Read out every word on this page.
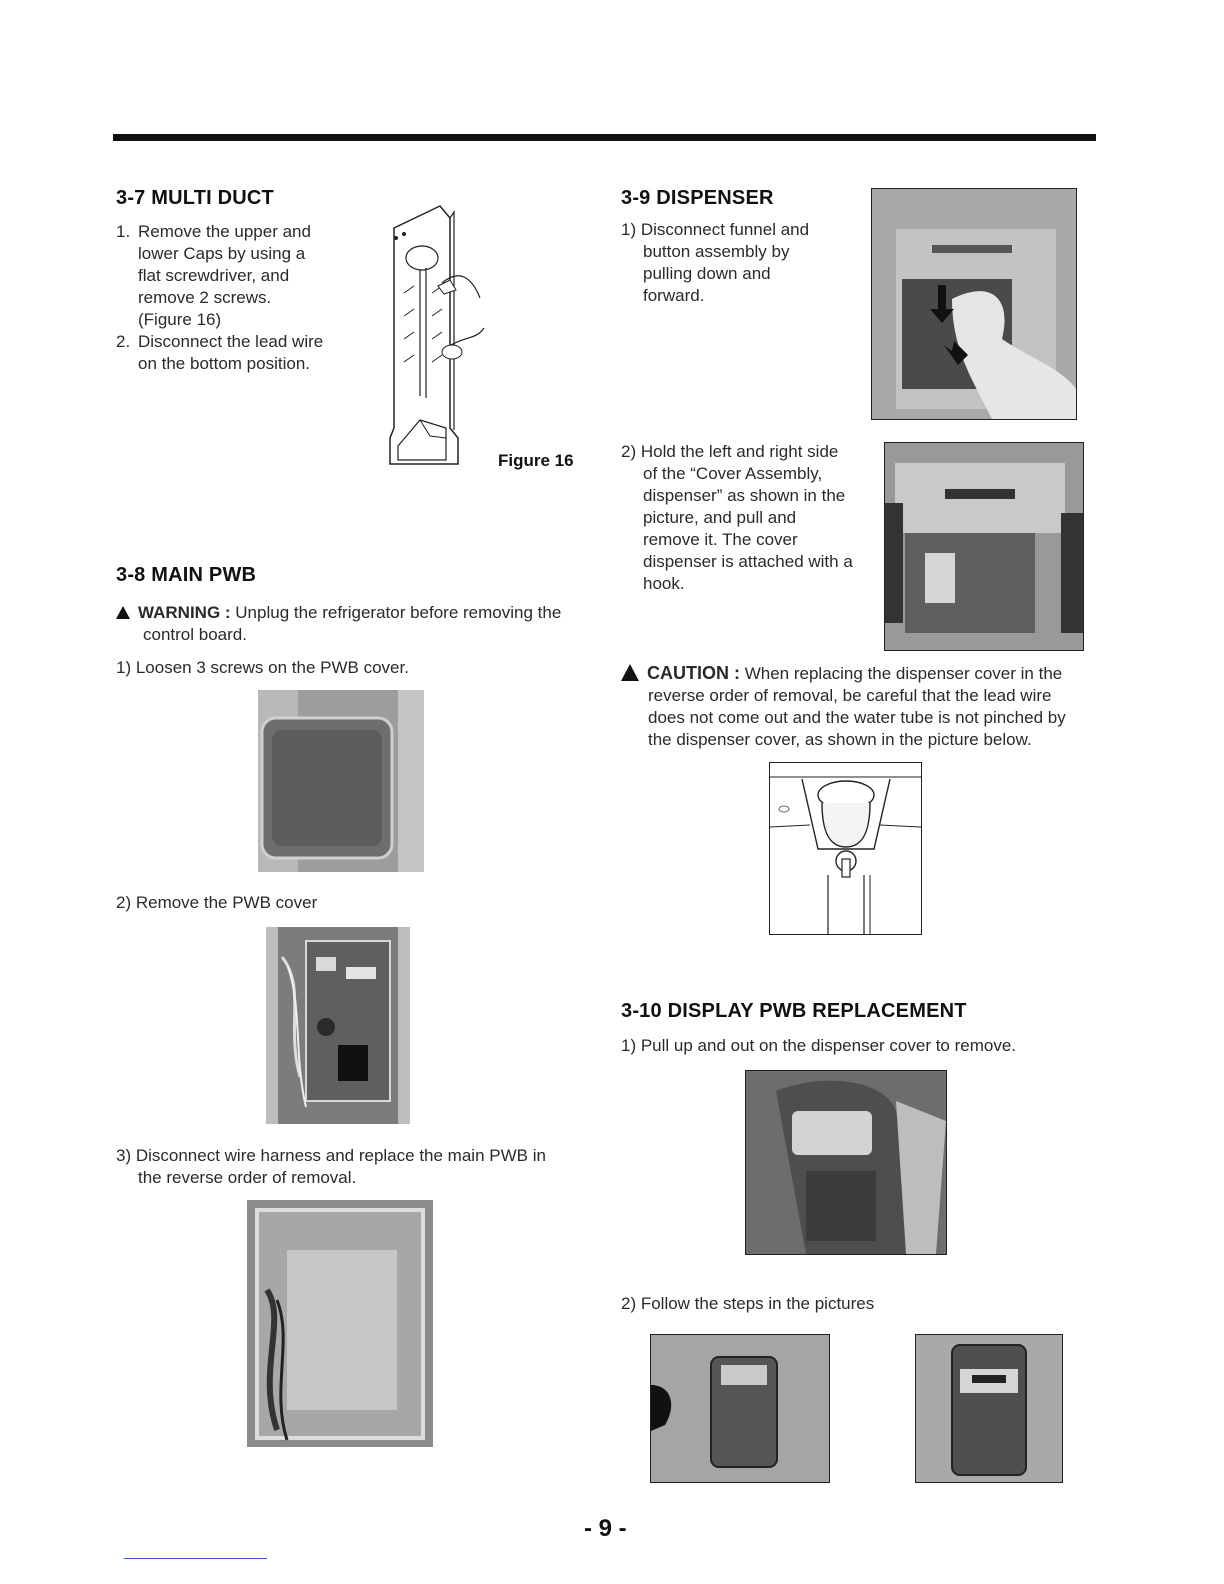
3-7 MULTI DUCT
1. Remove the upper and
lower Caps by using a
flat screwdriver, and
remove 2 screws.
(Figure 16)
2. Disconnect the lead wire
on the bottom position.
Figure 16
3-8 MAIN PWB
WARNING : Unplug the refrigerator before removing the
control board.
1) Loosen 3 screws on the PWB cover.
2) Remove the PWB cover
3) Disconnect wire harness and replace the main PWB in
the reverse order of removal.
3-9 DISPENSER
1) Disconnect funnel and
button assembly by
pulling down and
forward.
2) Hold the left and right side
of the “Cover Assembly,
dispenser” as shown in the
picture, and pull and
remove it. The cover
dispenser is attached with a
hook.
CAUTION : When replacing the dispenser cover in the
reverse order of removal, be careful that the lead wire
does not come out and the water tube is not pinched by
the dispenser cover, as shown in the picture below.
3-10 DISPLAY PWB REPLACEMENT
1) Pull up and out on the dispenser cover to remove.
2) Follow the steps in the pictures
- 9 -
